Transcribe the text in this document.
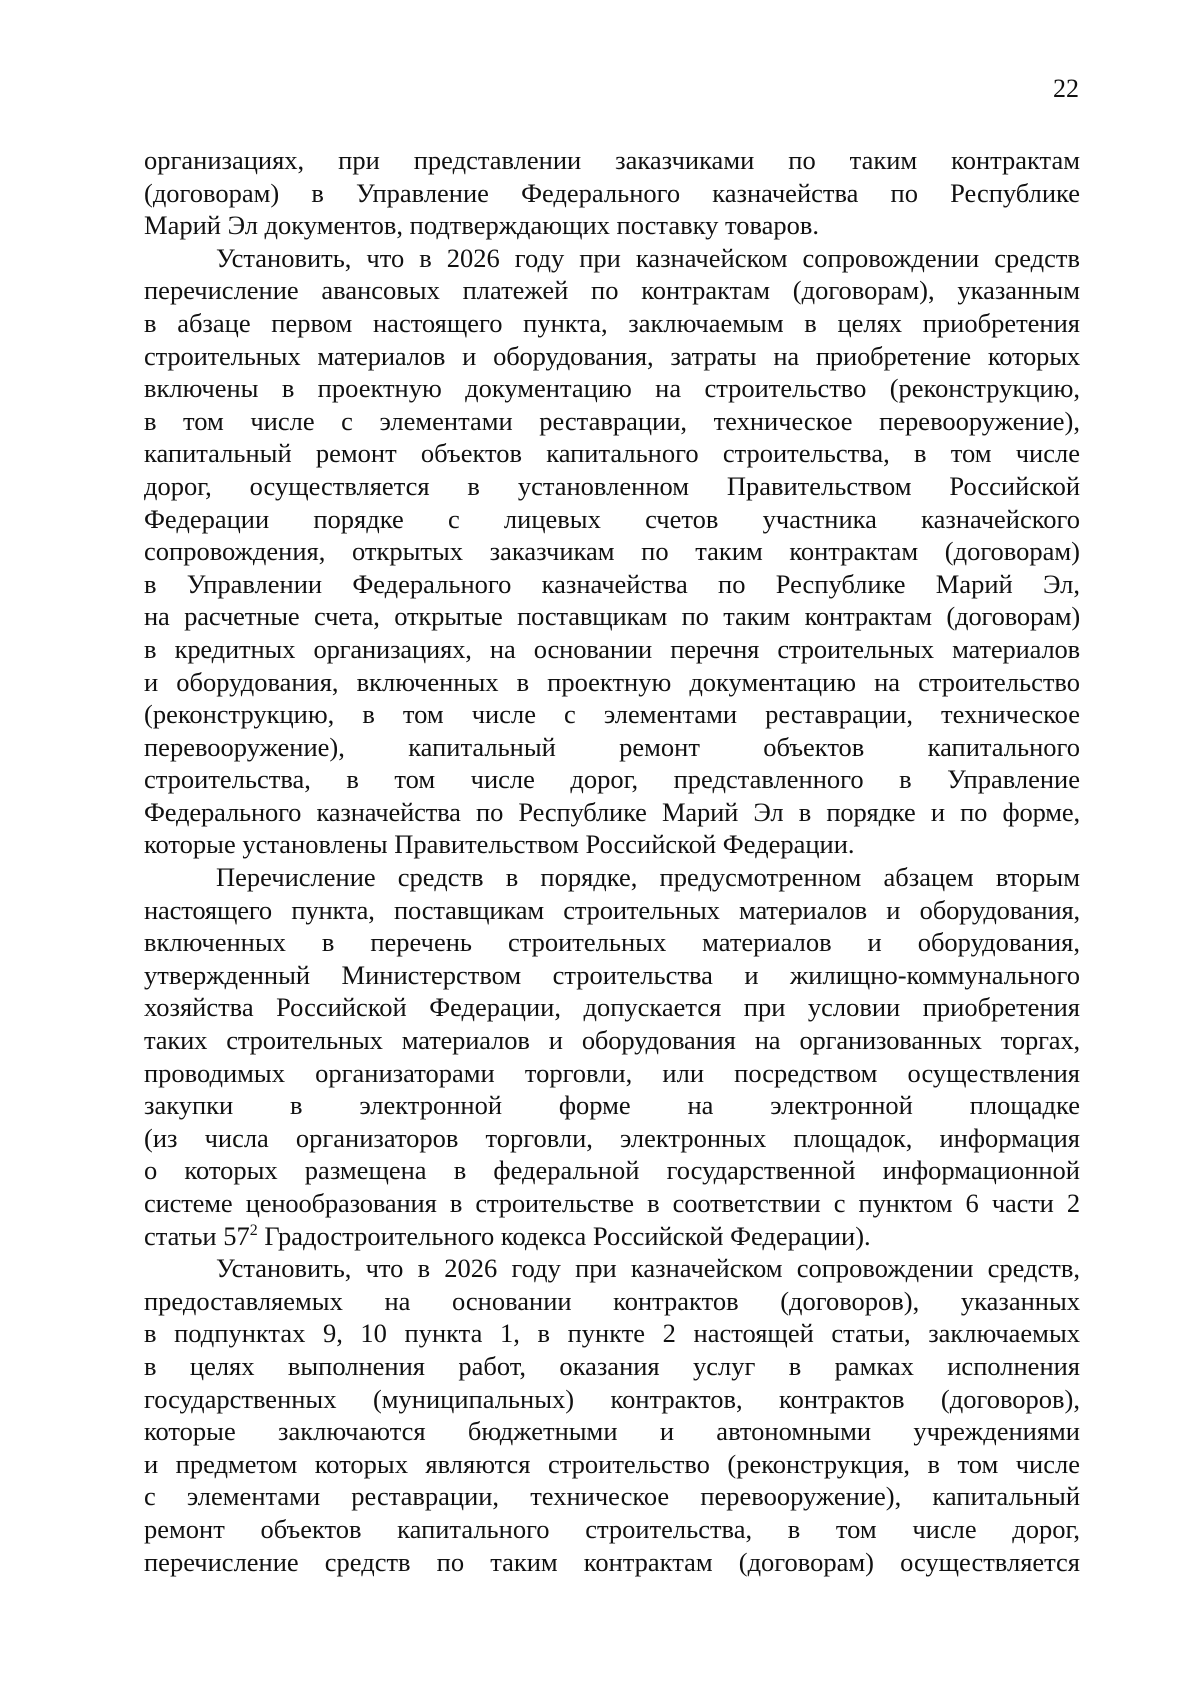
22

организациях, при представлении заказчиками по таким контрактам

(договорам) в Управление Федерального казначейства по Республике

Марий Эл документов, подтверждающих поставку товаров.

Установить, что в 2026 году при казначейском сопровождении средств

перечисление авансовых платежей по контрактам (договорам), указанным

в абзаце первом настоящего пункта, заключаемым в целях приобретения

строительных материалов и оборудования, затраты на приобретение которых

включены в проектную документацию на строительство (реконструкцию,

в том числе с элементами реставрации, техническое перевооружение),

капитальный ремонт объектов капитального строительства, в том числе

дорог, осуществляется в установленном Правительством Российской

Федерации порядке с лицевых счетов участника казначейского

сопровождения, открытых заказчикам по таким контрактам (договорам)

в Управлении Федерального казначейства по Республике Марий Эл,

на расчетные счета, открытые поставщикам по таким контрактам (договорам)

в кредитных организациях, на основании перечня строительных материалов

и оборудования, включенных в проектную документацию на строительство

(реконструкцию, в том числе с элементами реставрации, техническое

перевооружение), капитальный ремонт объектов капитального

строительства, в том числе дорог, представленного в Управление

Федерального казначейства по Республике Марий Эл в порядке и по форме,

которые установлены Правительством Российской Федерации.

Перечисление средств в порядке, предусмотренном абзацем вторым

настоящего пункта, поставщикам строительных материалов и оборудования,

включенных в перечень строительных материалов и оборудования,

утвержденный Министерством строительства и жилищно-коммунального

хозяйства Российской Федерации, допускается при условии приобретения

таких строительных материалов и оборудования на организованных торгах,

проводимых организаторами торговли, или посредством осуществления

закупки в электронной форме на электронной площадке

(из числа организаторов торговли, электронных площадок, информация

о которых размещена в федеральной государственной информационной

системе ценообразования в строительстве в соответствии с пунктом 6 части 2

статьи $57^2$ Градостроительного кодекса Российской Федерации).

Установить, что в 2026 году при казначейском сопровождении средств,

предоставляемых на основании контрактов (договоров), указанных

в подпунктах 9, 10 пункта 1, в пункте 2 настоящей статьи, заключаемых

в целях выполнения работ, оказания услуг в рамках исполнения

государственных (муниципальных) контрактов, контрактов (договоров),

которые заключаются бюджетными и автономными учреждениями

и предметом которых являются строительство (реконструкция, в том числе

с элементами реставрации, техническое перевооружение), капитальный

ремонт объектов капитального строительства, в том числе дорог,

перечисление средств по таким контрактам (договорам) осуществляется
